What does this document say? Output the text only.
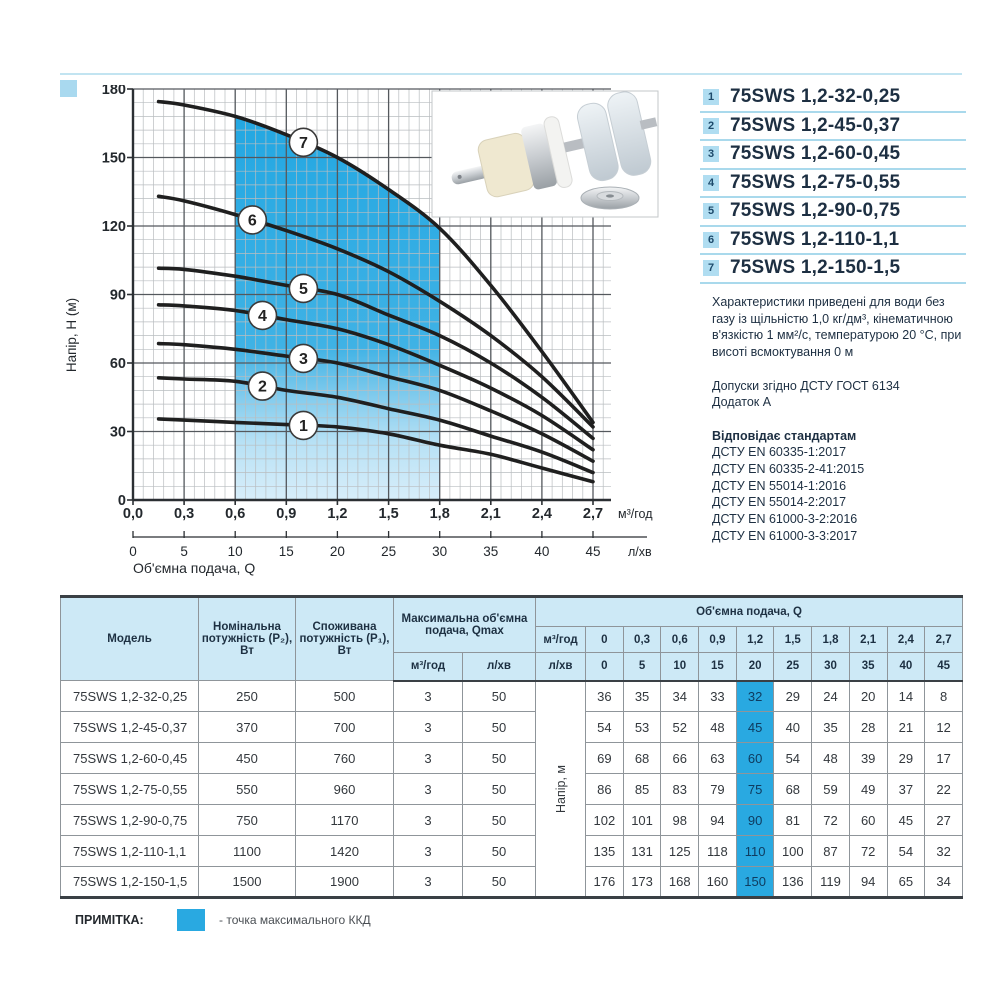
1
2
3
4
5
6
7
0
30
60
90
120
150
180
0,0 0,3 0,6 0,9 1,2 1,5 1,8 2,1 2,4 2,7 м³/год
0	5	10	15	20	25	30	35	40	45 л/хв
Об'ємна подача, Q
Напір, H (м)
1 75SWS 1,2-32-0,25
2 75SWS 1,2-45-0,37
3 75SWS 1,2-60-0,45
4 75SWS 1,2-75-0,55
5 75SWS 1,2-90-0,75
6 75SWS 1,2-110-1,1
7 75SWS 1,2-150-1,5
Характеристики приведені для води без газу із щільністю 1,0 кг/дм³, кінематичною в'язкістю 1 мм²/с, температурою 20 °С, при висоті всмоктування 0 м
Допуски згідно ДСТУ ГОСТ 6134
Додаток А
Відповідає стандартам
ДСТУ EN 60335-1:2017
ДСТУ EN 60335-2-41:2015
ДСТУ EN 55014-1:2016
ДСТУ EN 55014-2:2017
ДСТУ EN 61000-3-2:2016
ДСТУ EN 61000-3-3:2017
Модель	Номінальна потужність (P₂), Вт	Споживана потужність (P₁), Вт	Максимальна об'ємна подача, Qmax		Об'ємна подача, Q										
					м³/год	0	0,3	0,6	0,9	1,2	1,5	1,8	2,1	2,4	2,7
			м³/год	л/хв	л/хв	0	5	10	15	20	25	30	35	40	45
75SWS 1,2-32-0,25	250	500	3	50	Напір, м	36	35	34	33	32	29	24	20	14	8
75SWS 1,2-45-0,37	370	700	3	50		54	53	52	48	45	40	35	28	21	12
75SWS 1,2-60-0,45	450	760	3	50		69	68	66	63	60	54	48	39	29	17
75SWS 1,2-75-0,55	550	960	3	50		86	85	83	79	75	68	59	49	37	22
75SWS 1,2-90-0,75	750	1170	3	50		102	101	98	94	90	81	72	60	45	27
75SWS 1,2-110-1,1	1100	1420	3	50		135	131	125	118	110	100	87	72	54	32
75SWS 1,2-150-1,5	1500	1900	3	50		176	173	168	160	150	136	119	94	65	34
ПРИМІТКА:	- точка максимального ККД
